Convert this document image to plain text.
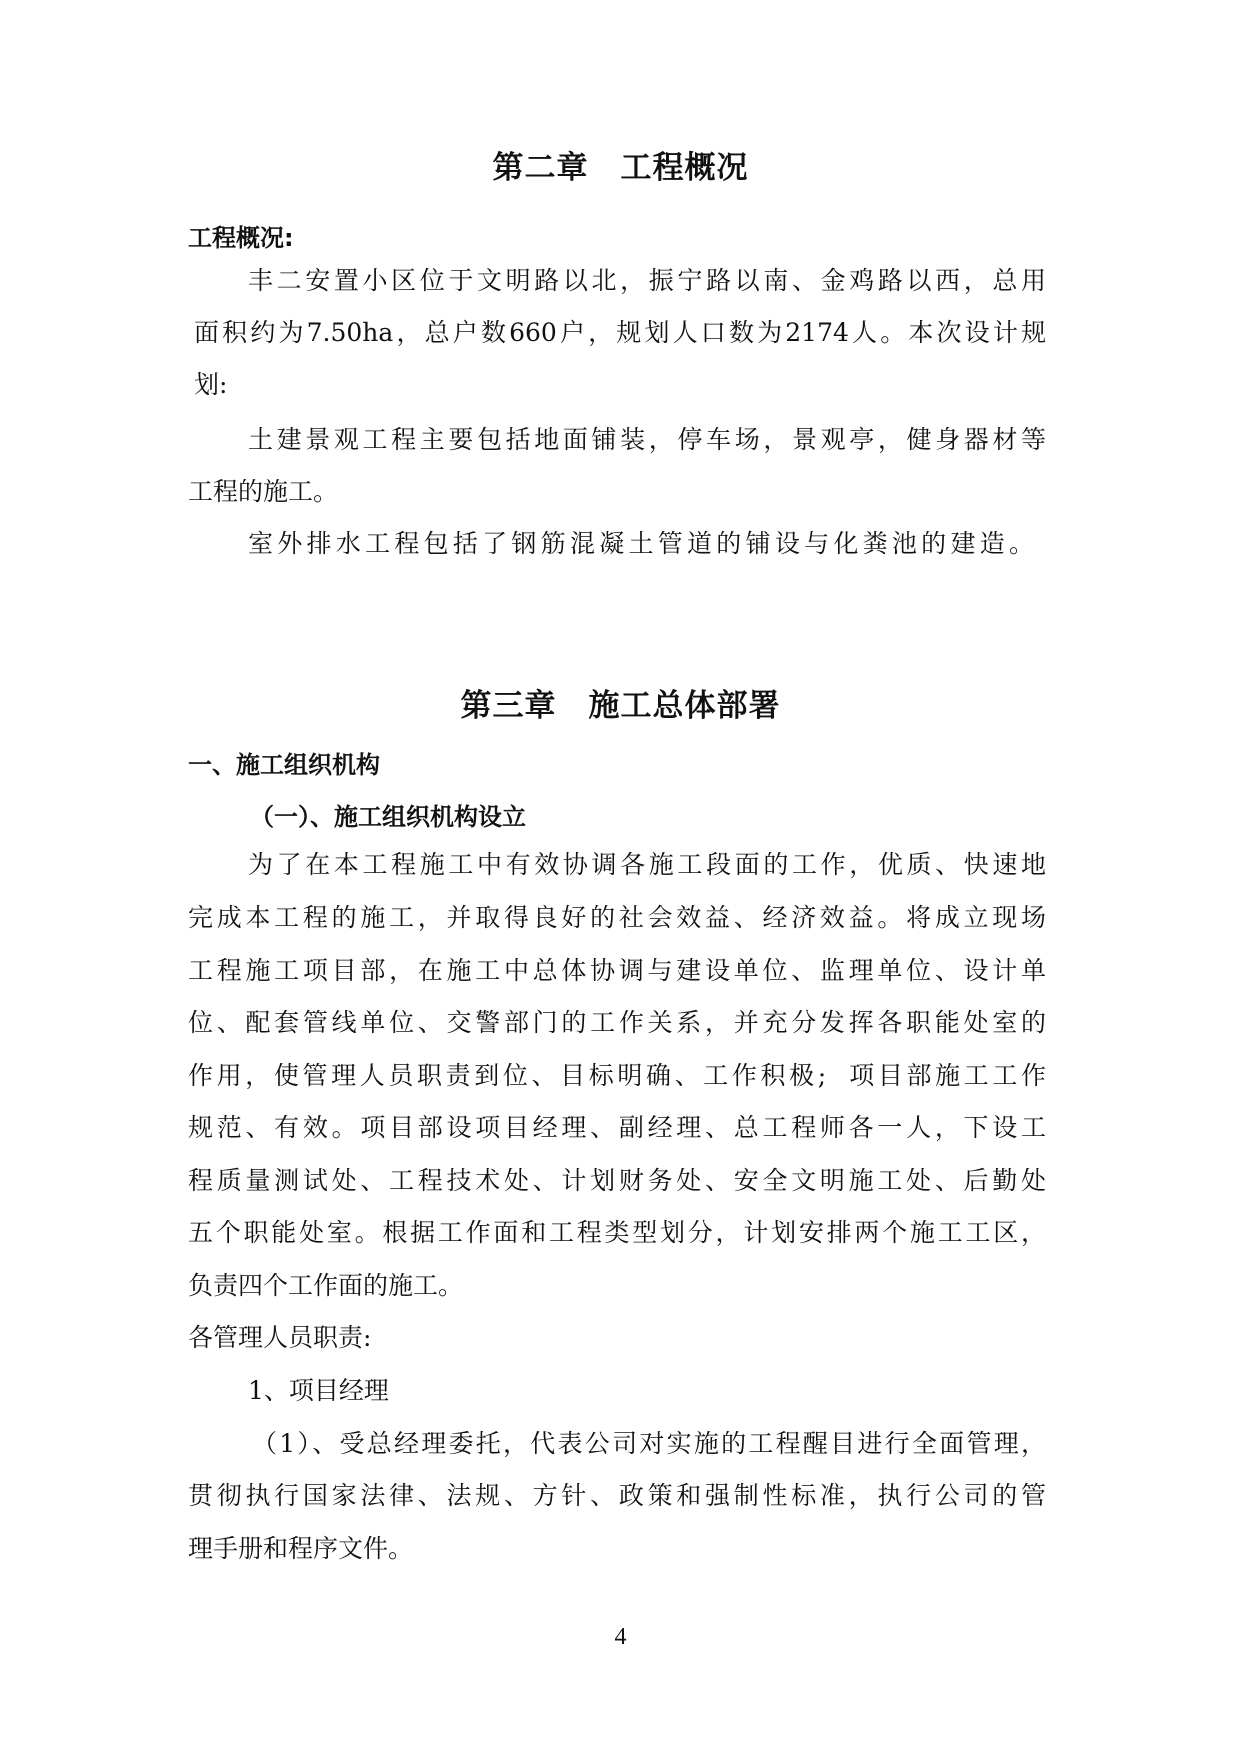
第二章　工程概况
工程概况:
丰二安置小区位于文明路以北，振宁路以南、金鸡路以西，总用
面积约为7.50ha，总户数660户，规划人口数为2174人。本次设计规
划:
土建景观工程主要包括地面铺装，停车场，景观亭，健身器材等
工程的施工。
室外排水工程包括了钢筋混凝土管道的铺设与化粪池的建造。
第三章　施工总体部署
一、施工组织机构
（一）、施工组织机构设立
为了在本工程施工中有效协调各施工段面的工作，优质、快速地
完成本工程的施工，并取得良好的社会效益、经济效益。将成立现场
工程施工项目部，在施工中总体协调与建设单位、监理单位、设计单
位、配套管线单位、交警部门的工作关系，并充分发挥各职能处室的
作用，使管理人员职责到位、目标明确、工作积极;  项目部施工工作
规范、有效。项目部设项目经理、副经理、总工程师各一人，下设工
程质量测试处、工程技术处、计划财务处、安全文明施工处、后勤处
五个职能处室。根据工作面和工程类型划分，计划安排两个施工工区，
负责四个工作面的施工。
各管理人员职责:
1、项目经理
（1）、受总经理委托，代表公司对实施的工程醒目进行全面管理，
贯彻执行国家法律、法规、方针、政策和强制性标准，执行公司的管
理手册和程序文件。
4
